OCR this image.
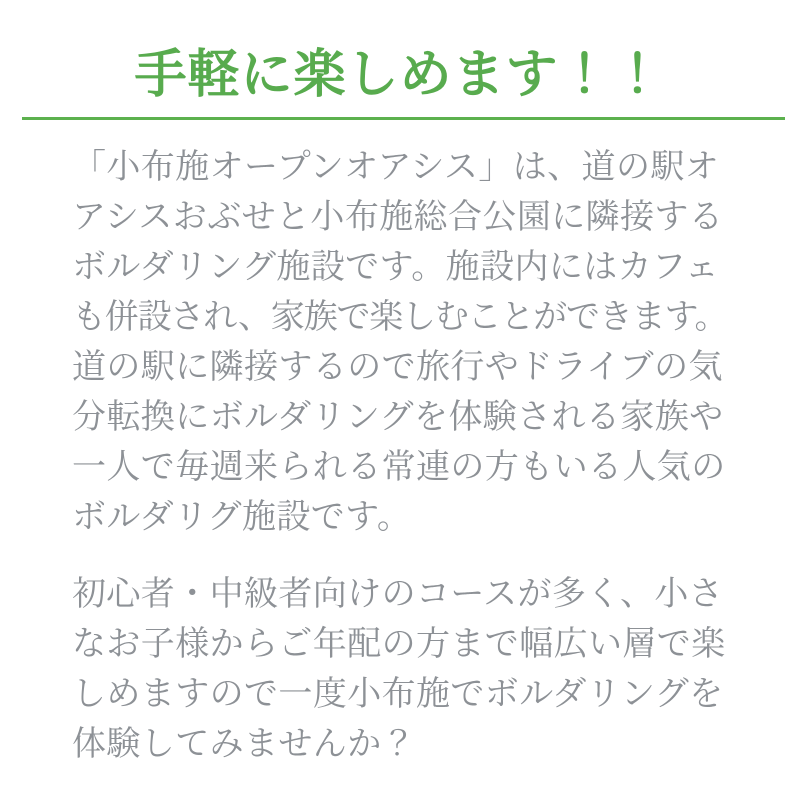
手軽に楽しめます！！
「小布施オープンオアシス」は、道の駅オ
アシスおぶせと小布施総合公園に隣接する
ボルダリング施設です。施設内にはカフェ
も併設され、家族で楽しむことができます。
道の駅に隣接するので旅行やドライブの気
分転換にボルダリングを体験される家族や
一人で毎週来られる常連の方もいる人気の
ボルダリグ施設です。
初心者・中級者向けのコースが多く、小さ
なお子様からご年配の方まで幅広い層で楽
しめますので一度小布施でボルダリングを
体験してみませんか？
